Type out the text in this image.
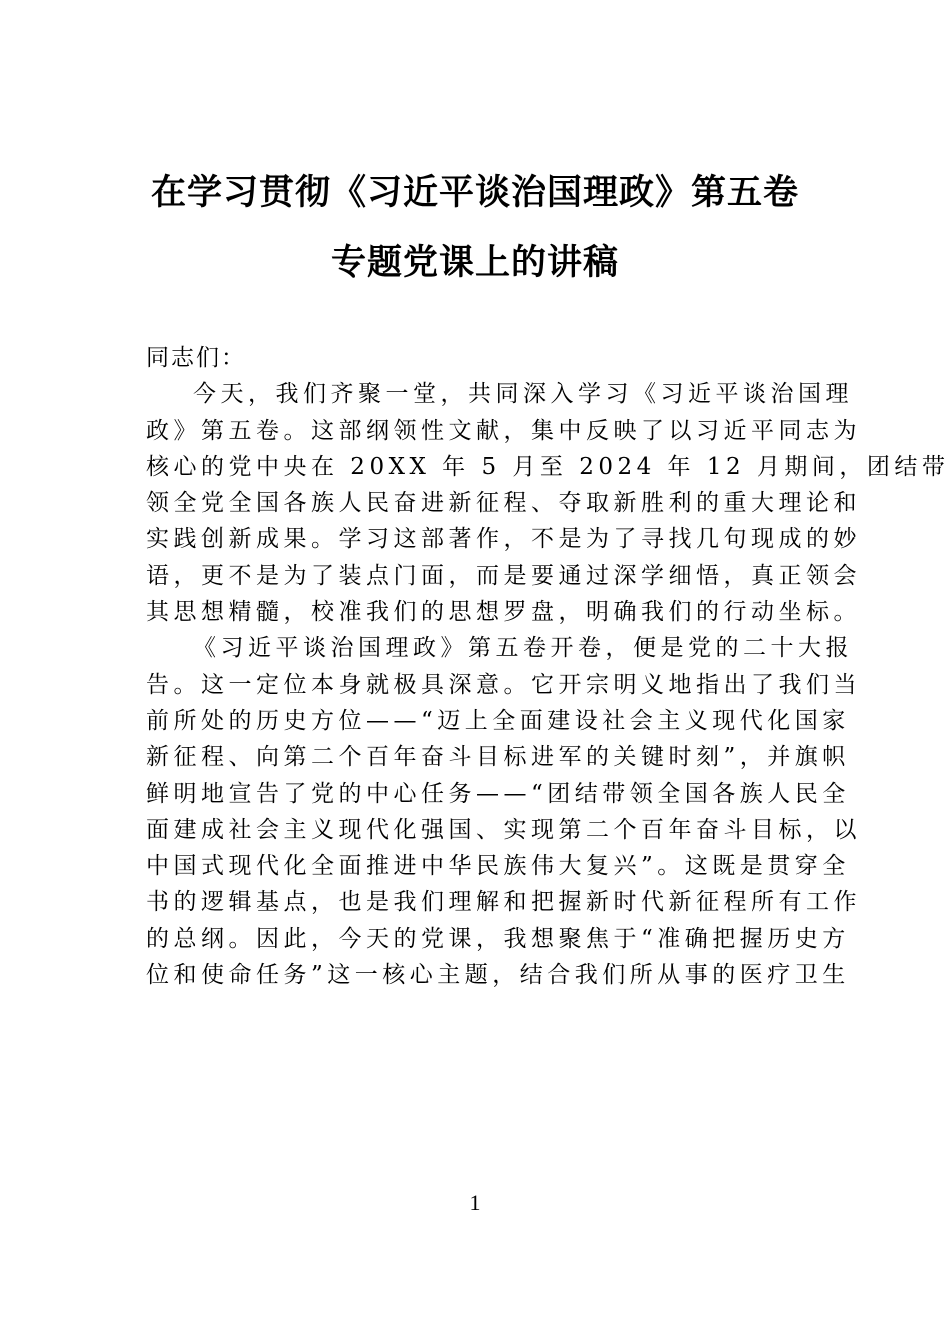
在学习贯彻《习近平谈治国理政》第五卷
专题党课上的讲稿
同志们：
今天，我们齐聚一堂，共同深入学习《习近平谈治国理
政》第五卷。这部纲领性文献，集中反映了以习近平同志为
核心的党中央在 20XX 年 5 月至 2024 年 12 月期间，团结带
领全党全国各族人民奋进新征程、夺取新胜利的重大理论和
实践创新成果。学习这部著作，不是为了寻找几句现成的妙
语，更不是为了装点门面，而是要通过深学细悟，真正领会
其思想精髓，校准我们的思想罗盘，明确我们的行动坐标。
《习近平谈治国理政》第五卷开卷，便是党的二十大报
告。这一定位本身就极具深意。它开宗明义地指出了我们当
前所处的历史方位——“迈上全面建设社会主义现代化国家
新征程、向第二个百年奋斗目标进军的关键时刻”，并旗帜
鲜明地宣告了党的中心任务——“团结带领全国各族人民全
面建成社会主义现代化强国、实现第二个百年奋斗目标，以
中国式现代化全面推进中华民族伟大复兴”。这既是贯穿全
书的逻辑基点，也是我们理解和把握新时代新征程所有工作
的总纲。因此，今天的党课，我想聚焦于“准确把握历史方
位和使命任务”这一核心主题，结合我们所从事的医疗卫生
1
